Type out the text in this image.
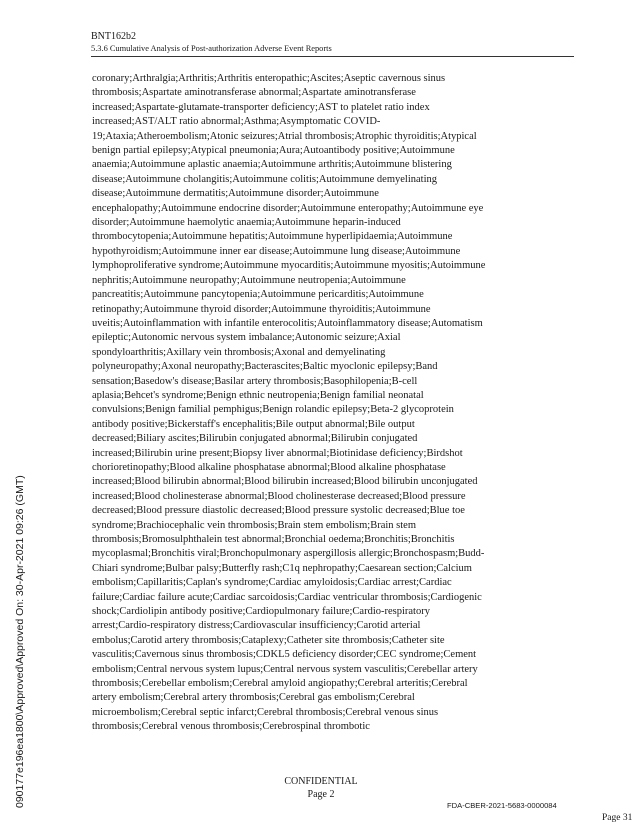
BNT162b2
5.3.6 Cumulative Analysis of Post-authorization Adverse Event Reports
coronary;Arthralgia;Arthritis;Arthritis enteropathic;Ascites;Aseptic cavernous sinus
thrombosis;Aspartate aminotransferase abnormal;Aspartate aminotransferase
increased;Aspartate-glutamate-transporter deficiency;AST to platelet ratio index
increased;AST/ALT ratio abnormal;Asthma;Asymptomatic COVID-
19;Ataxia;Atheroembolism;Atonic seizures;Atrial thrombosis;Atrophic thyroiditis;Atypical
benign partial epilepsy;Atypical pneumonia;Aura;Autoantibody positive;Autoimmune
anaemia;Autoimmune aplastic anaemia;Autoimmune arthritis;Autoimmune blistering
disease;Autoimmune cholangitis;Autoimmune colitis;Autoimmune demyelinating
disease;Autoimmune dermatitis;Autoimmune disorder;Autoimmune
encephalopathy;Autoimmune endocrine disorder;Autoimmune enteropathy;Autoimmune eye
disorder;Autoimmune haemolytic anaemia;Autoimmune heparin-induced
thrombocytopenia;Autoimmune hepatitis;Autoimmune hyperlipidaemia;Autoimmune
hypothyroidism;Autoimmune inner ear disease;Autoimmune lung disease;Autoimmune
lymphoproliferative syndrome;Autoimmune myocarditis;Autoimmune myositis;Autoimmune
nephritis;Autoimmune neuropathy;Autoimmune neutropenia;Autoimmune
pancreatitis;Autoimmune pancytopenia;Autoimmune pericarditis;Autoimmune
retinopathy;Autoimmune thyroid disorder;Autoimmune thyroiditis;Autoimmune
uveitis;Autoinflammation with infantile enterocolitis;Autoinflammatory disease;Automatism
epileptic;Autonomic nervous system imbalance;Autonomic seizure;Axial
spondyloarthritis;Axillary vein thrombosis;Axonal and demyelinating
polyneuropathy;Axonal neuropathy;Bacterascites;Baltic myoclonic epilepsy;Band
sensation;Basedow's disease;Basilar artery thrombosis;Basophilopenia;B-cell
aplasia;Behcet's syndrome;Benign ethnic neutropenia;Benign familial neonatal
convulsions;Benign familial pemphigus;Benign rolandic epilepsy;Beta-2 glycoprotein
antibody positive;Bickerstaff's encephalitis;Bile output abnormal;Bile output
decreased;Biliary ascites;Bilirubin conjugated abnormal;Bilirubin conjugated
increased;Bilirubin urine present;Biopsy liver abnormal;Biotinidase deficiency;Birdshot
chorioretinopathy;Blood alkaline phosphatase abnormal;Blood alkaline phosphatase
increased;Blood bilirubin abnormal;Blood bilirubin increased;Blood bilirubin unconjugated
increased;Blood cholinesterase abnormal;Blood cholinesterase decreased;Blood pressure
decreased;Blood pressure diastolic decreased;Blood pressure systolic decreased;Blue toe
syndrome;Brachiocephalic vein thrombosis;Brain stem embolism;Brain stem
thrombosis;Bromosulphthalein test abnormal;Bronchial oedema;Bronchitis;Bronchitis
mycoplasmal;Bronchitis viral;Bronchopulmonary aspergillosis allergic;Bronchospasm;Budd-
Chiari syndrome;Bulbar palsy;Butterfly rash;C1q nephropathy;Caesarean section;Calcium
embolism;Capillaritis;Caplan's syndrome;Cardiac amyloidosis;Cardiac arrest;Cardiac
failure;Cardiac failure acute;Cardiac sarcoidosis;Cardiac ventricular thrombosis;Cardiogenic
shock;Cardiolipin antibody positive;Cardiopulmonary failure;Cardio-respiratory
arrest;Cardio-respiratory distress;Cardiovascular insufficiency;Carotid arterial
embolus;Carotid artery thrombosis;Cataplexy;Catheter site thrombosis;Catheter site
vasculitis;Cavernous sinus thrombosis;CDKL5 deficiency disorder;CEC syndrome;Cement
embolism;Central nervous system lupus;Central nervous system vasculitis;Cerebellar artery
thrombosis;Cerebellar embolism;Cerebral amyloid angiopathy;Cerebral arteritis;Cerebral
artery embolism;Cerebral artery thrombosis;Cerebral gas embolism;Cerebral
microembolism;Cerebral septic infarct;Cerebral thrombosis;Cerebral venous sinus
thrombosis;Cerebral venous thrombosis;Cerebrospinal thrombotic
090177e196ea1800\Approved\Approved On: 30-Apr-2021 09:26 (GMT)	CONFIDENTIAL
Page 2
FDA-CBER-2021-5683-0000084
Page 31
